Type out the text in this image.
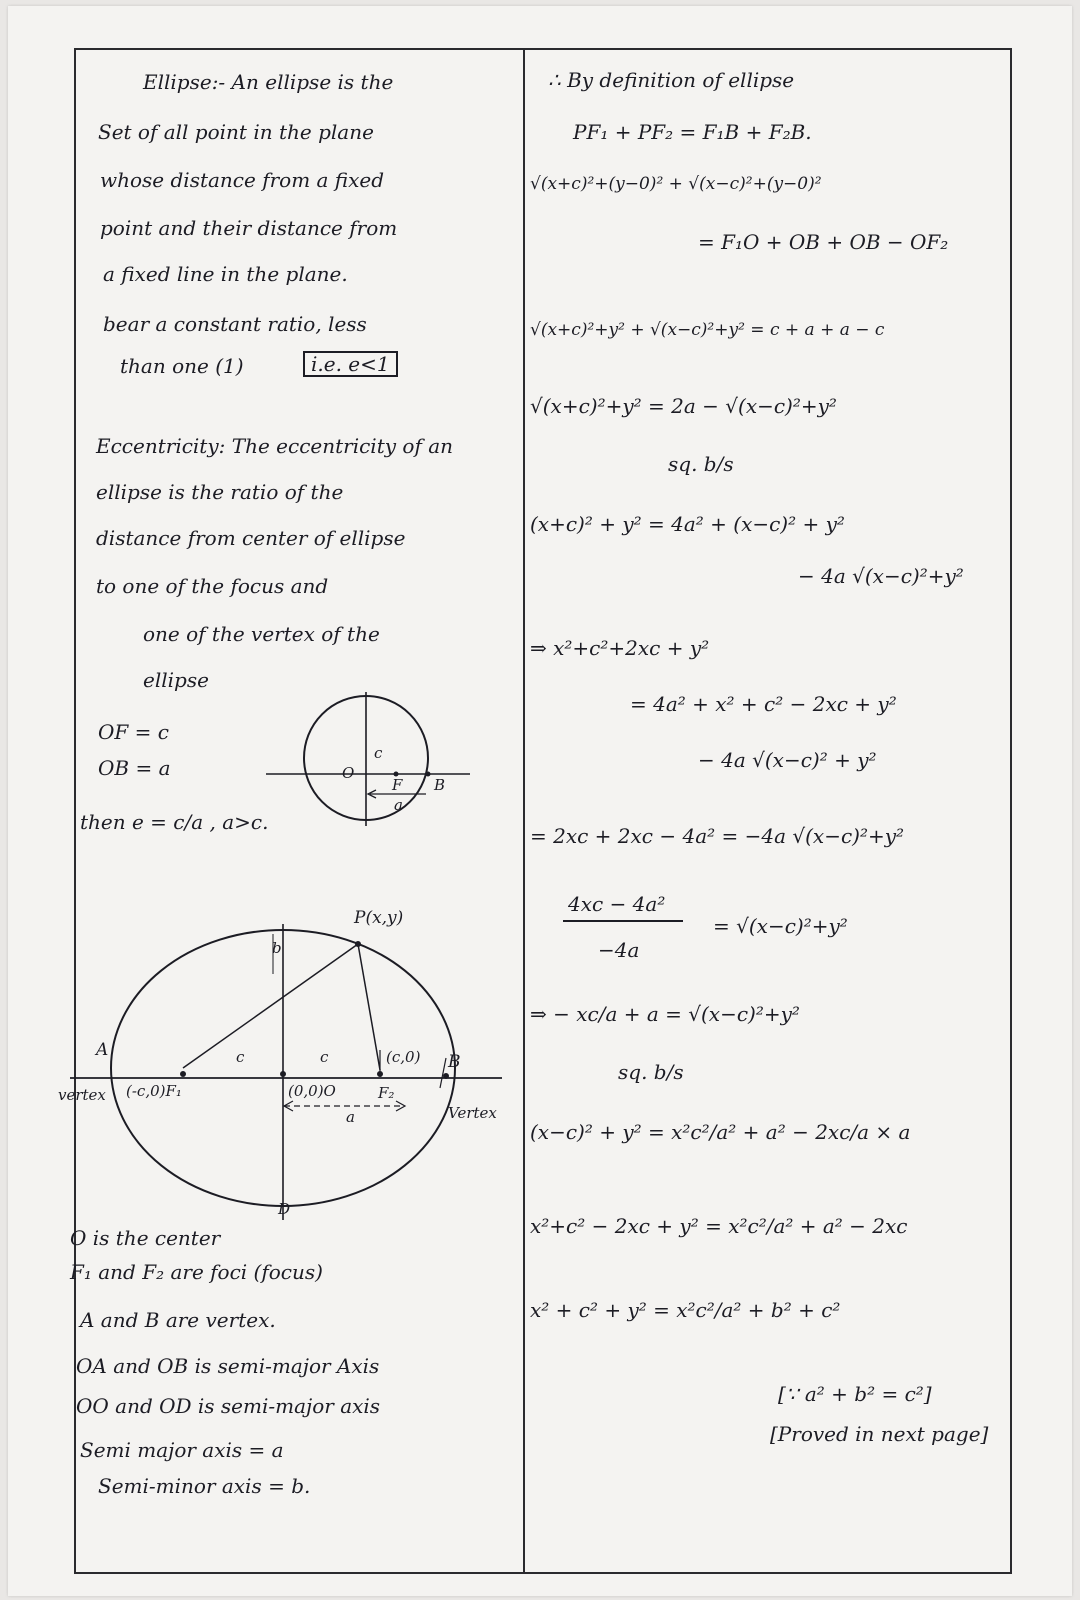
Ellipse:- An ellipse is the
Set of all point in the plane
whose distance from a fixed
point and their distance from
a fixed line in the plane.
bear a constant ratio, less
than one (1)	i.e. e<1
Eccentricity: The eccentricity of an
ellipse is the ratio of the
distance from center of ellipse
to one of the focus and
one of the vertex of the
ellipse
OF = c
OB = a
then e = c/a , a>c.
O
c
F B
a
P(x,y)
b
A	c	c	(c,0) B
vertex (-c,0)F₁	(0,0)O	F₂
a	Vertex
D
O is the center
F₁ and F₂ are foci (focus)
A and B are vertex.
OA and OB is semi-major Axis
OO and OD is semi-major axis
Semi major axis = a
Semi-minor axis = b.
∴ By definition of ellipse
PF₁ + PF₂ = F₁B + F₂B.
√(x+c)²+(y−0)² + √(x−c)²+(y−0)²
= F₁O + OB + OB − OF₂
√(x+c)²+y² + √(x−c)²+y² = c + a + a − c
√(x+c)²+y² = 2a − √(x−c)²+y²
sq. b/s
(x+c)² + y² = 4a² + (x−c)² + y²
− 4a √(x−c)²+y²
⇒ x²+c²+2xc + y²
= 4a² + x² + c² − 2xc + y²
− 4a √(x−c)² + y²
= 2xc + 2xc − 4a² = −4a √(x−c)²+y²
4xc − 4a²
= √(x−c)²+y²
−4a
⇒ − xc/a + a = √(x−c)²+y²
sq. b/s
(x−c)² + y² = x²c²/a² + a² − 2xc/a × a
x²+c² − 2xc + y² = x²c²/a² + a² − 2xc
x² + c² + y² = x²c²/a² + b² + c²
[∵ a² + b² = c²]
[Proved in next page]
